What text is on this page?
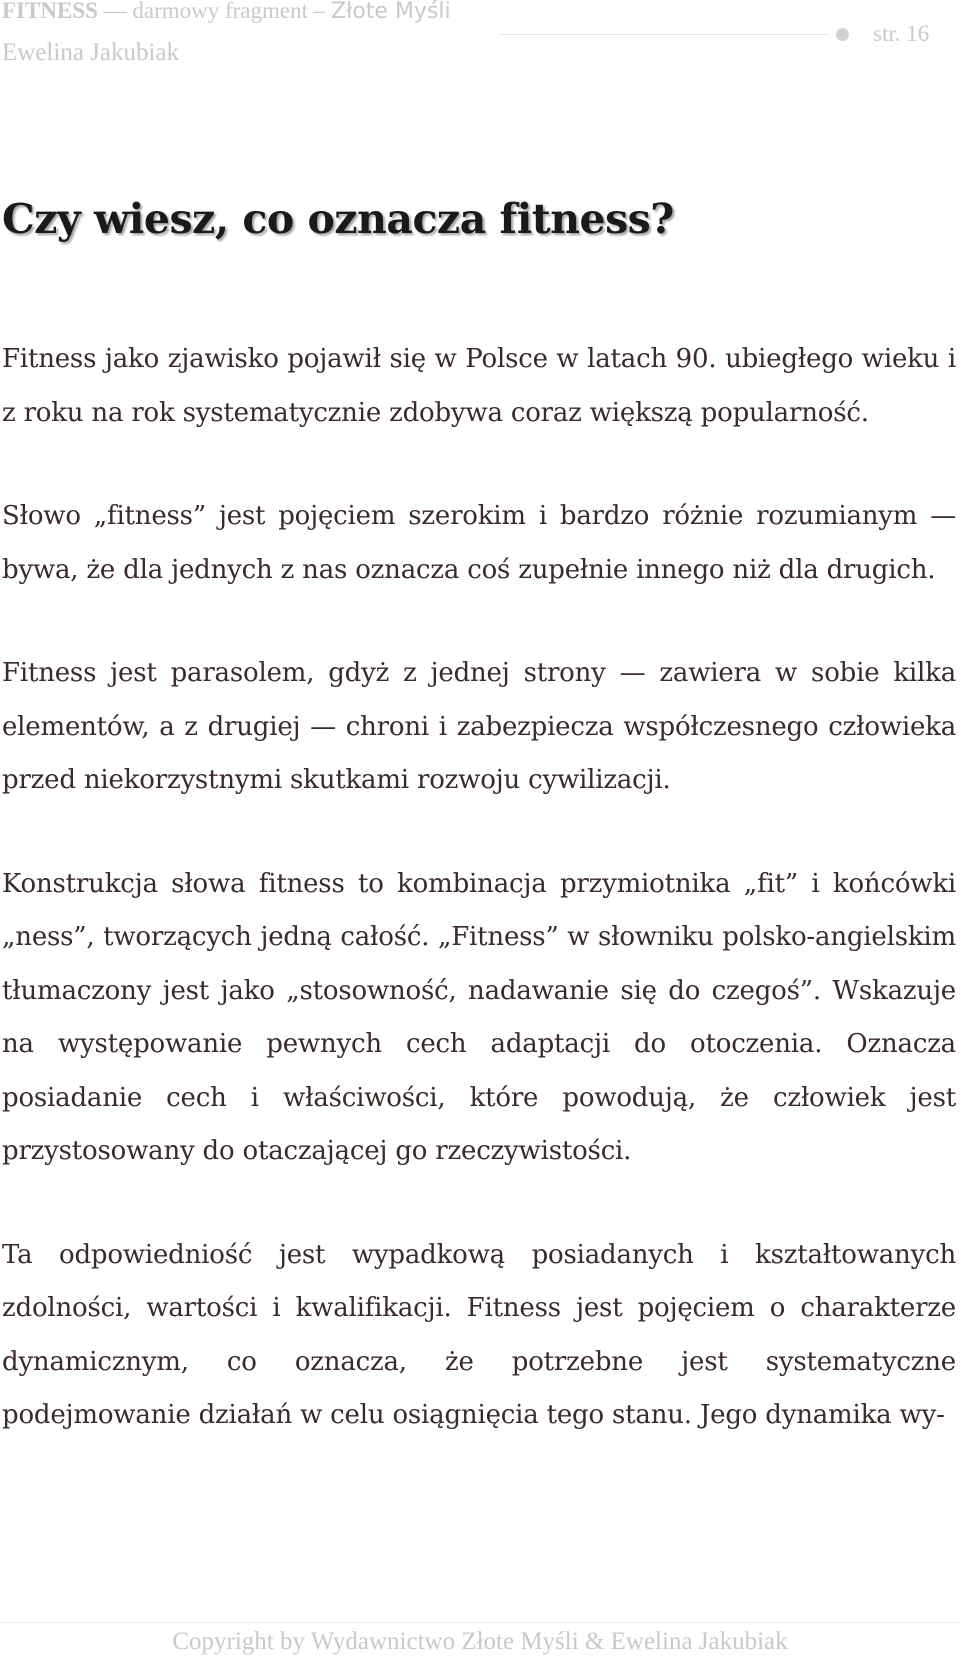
FITNESS — darmowy fragment – Złote Myśli
Ewelina Jakubiak
str. 16
Czy wiesz, co oznacza fitness?

Fitness jako zjawisko pojawił się w Polsce w latach 90. ubiegłego wieku i z roku na rok systematycznie zdobywa coraz większą popularność.

Słowo „fitness” jest pojęciem szerokim i bardzo różnie rozumianym — bywa, że dla jednych z nas oznacza coś zupełnie innego niż dla drugich.

Fitness jest parasolem, gdyż z jednej strony — zawiera w sobie kilka elementów, a z drugiej — chroni i zabezpiecza współczesnego człowieka przed niekorzystnymi skutkami rozwoju cywilizacji.

Konstrukcja słowa fitness to kombinacja przymiotnika „fit” i końcówki „ness”, tworzących jedną całość. „Fitness” w słowniku polsko-angielskim tłumaczony jest jako „stosowność, nadawanie się do czegoś”. Wskazuje na występowanie pewnych cech adaptacji do otoczenia. Oznacza posiadanie cech i właściwości, które powodują, że człowiek jest przystosowany do otaczającej go rzeczywistości.

Ta odpowiedniość jest wypadkową posiadanych i kształtowanych zdolności, wartości i kwalifikacji. Fitness jest pojęciem o charakterze dynamicznym, co oznacza, że potrzebne jest systematyczne podejmowanie działań w celu osiągnięcia tego stanu. Jego dynamika wy-

Copyright by Wydawnictwo Złote Myśli & Ewelina Jakubiak
